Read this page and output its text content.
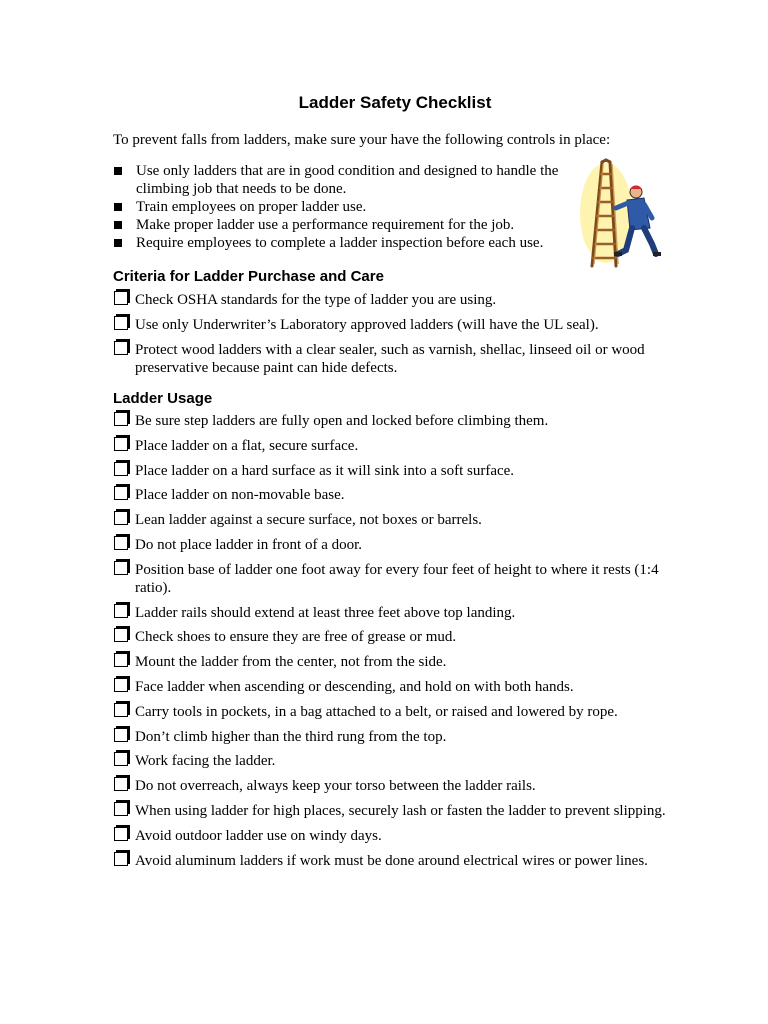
Ladder Safety Checklist
To prevent falls from ladders, make sure your have the following controls in place:
Use only ladders that are in good condition and designed to handle the climbing job that needs to be done.
Train employees on proper ladder use.
Make proper ladder use a performance requirement for the job.
Require employees to complete a ladder inspection before each use.
Criteria for Ladder Purchase and Care
Check OSHA standards for the type of ladder you are using.
Use only Underwriter’s Laboratory approved ladders (will have the UL seal).
Protect wood ladders with a clear sealer, such as varnish, shellac, linseed oil or wood preservative because paint can hide defects.
Ladder Usage
Be sure step ladders are fully open and locked before climbing them.
Place ladder on a flat, secure surface.
Place ladder on a hard surface as it will sink into a soft surface.
Place ladder on non-movable base.
Lean ladder against a secure surface, not boxes or barrels.
Do not place ladder in front of a door.
Position base of ladder one foot away for every four feet of height to where it rests (1:4 ratio).
Ladder rails should extend at least three feet above top landing.
Check shoes to ensure they are free of grease or mud.
Mount the ladder from the center, not from the side.
Face ladder when ascending or descending, and hold on with both hands.
Carry tools in pockets, in a bag attached to a belt, or raised and lowered by rope.
Don’t climb higher than the third rung from the top.
Work facing the ladder.
Do not overreach, always keep your torso between the ladder rails.
When using ladder for high places, securely lash or fasten the ladder to prevent slipping.
Avoid outdoor ladder use on windy days.
Avoid aluminum ladders if work must be done around electrical wires or power lines.
